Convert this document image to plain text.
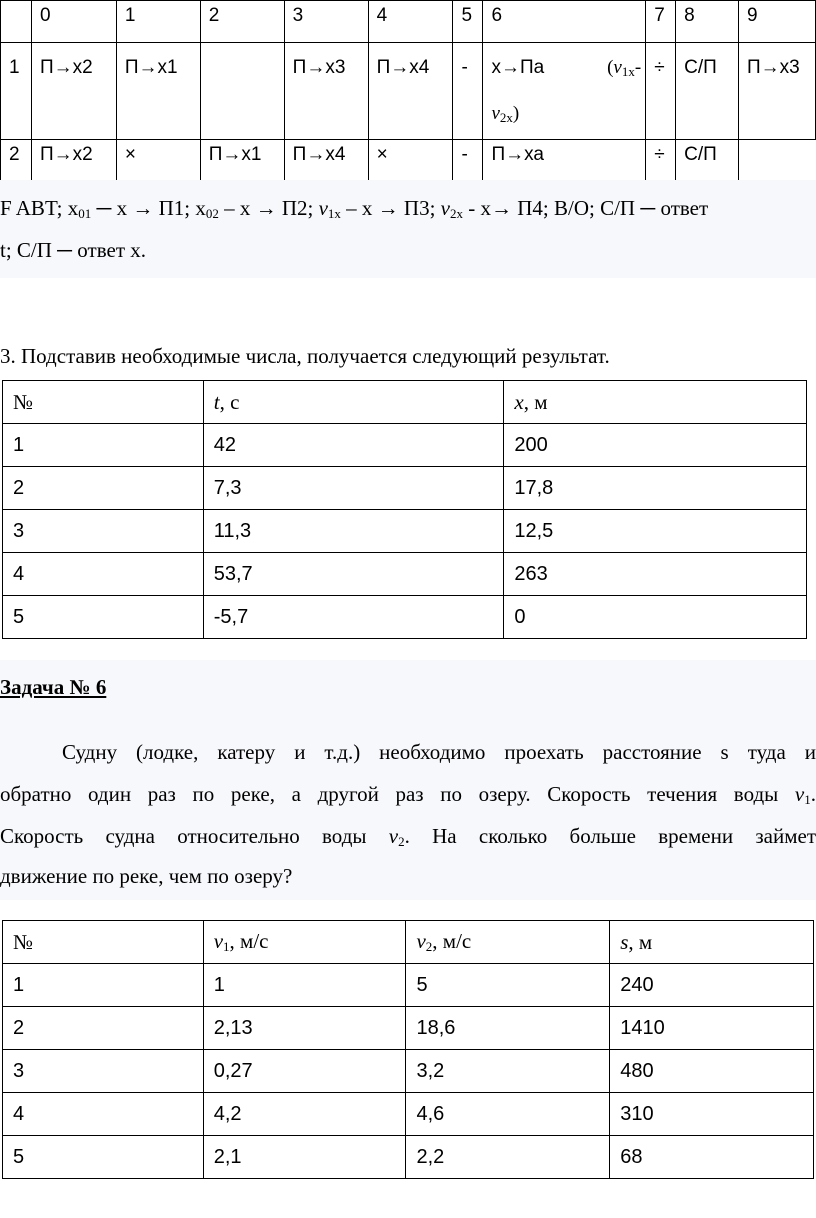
	0	1	2	3	4	5	6	7	8	9
1	П→х2	П→х1		П→х3	П→х4	-	х→Па ($v_{1x}-$
$v_{2x}$)	÷	С/П	П→х3
2	П→х2	×	П→х1	П→х4	×	-	П→ха	÷	С/П	
F ABT; $х_{01}$ ─ х → П1; $х_{02} - х \to П2$; $v_{1x} - х \to П3$; $v_{2x} - х\to П4$; В/О; С/П ─ ответ
t; С/П ─ ответ х.
3. Подставив необходимые числа, получается следующий результат.
№	t, с	x, м
1	42	200
2	7,3	17,8
3	11,3	12,5
4	53,7	263
5	-5,7	0
Задача № 6
Судну (лодке, катеру и т.д.) необходимо проехать расстояние s туда и
обратно один раз по реке, а другой раз по озеру. Скорость течения воды $v_1$.
Скорость судна относительно воды $v_2$. На сколько больше времени займет
движение по реке, чем по озеру?
№	$v_1$, м/с	$v_2$, м/с	s, м
1	1	5	240
2	2,13	18,6	1410
3	0,27	3,2	480
4	4,2	4,6	310
5	2,1	2,2	68
